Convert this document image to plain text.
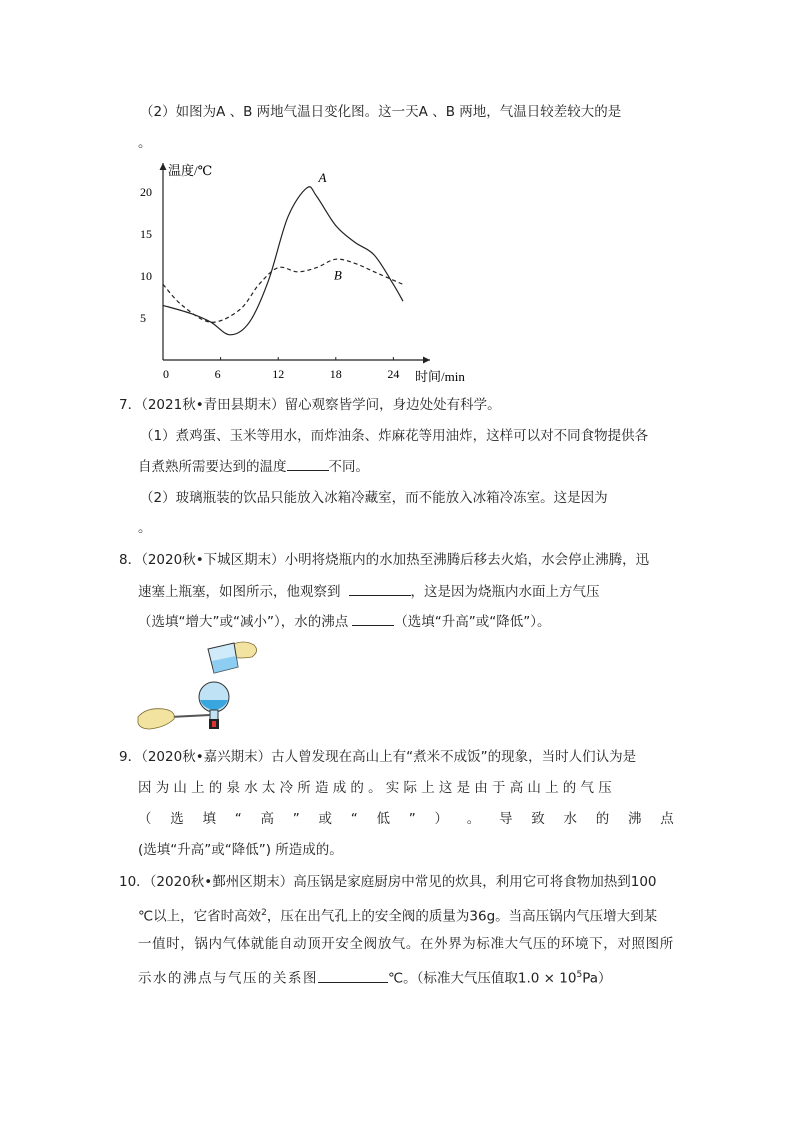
（2）如图为A 、B 两地气温日变化图。这一天A 、B 两地，气温日较差较大的是
。
温度/℃
时间/min
0	6	12	18	24
5
10
15
20
A
B
7．（2021秋•青田县期末）留心观察皆学问，身边处处有科学。
（1）煮鸡蛋、玉米等用水，而炸油条、炸麻花等用油炸，这样可以对不同食物提供各
自煮熟所需要达到的温度	不同。
（2）玻璃瓶装的饮品只能放入冰箱冷藏室，而不能放入冰箱冷冻室。这是因为
。
8．（2020秋•下城区期末）小明将烧瓶内的水加热至沸腾后移去火焰，水会停止沸腾，迅
速塞上瓶塞，如图所示，他观察到	，这是因为烧瓶内水面上方气压
（选填“增大”或“减小”），水的沸点	（选填“升高”或“降低”）。
9．（2020秋•嘉兴期末）古人曾发现在高山上有“煮米不成饭”的现象，当时人们认为是
因为山上的泉水太冷所造成的。实际上这是由于高山上的气压
（ 选 填 “ 高 ” 或 “ 低 ” ） 。 导 致 水 的 沸 点
(选填“升高”或“降低”) 所造成的。
10．（2020秋•鄞州区期末）高压锅是家庭厨房中常见的炊具，利用它可将食物加热到100
℃以上，它省时高效$^2$，压在出气孔上的安全阀的质量为36g。当高压锅内气压增大到某
一值时，锅内气体就能自动顶开安全阀放气。在外界为标准大气压的环境下，对照图所
示水的沸点与气压的关系图	℃。（标准大气压值取$1.0 \times 10^5Pa$）
